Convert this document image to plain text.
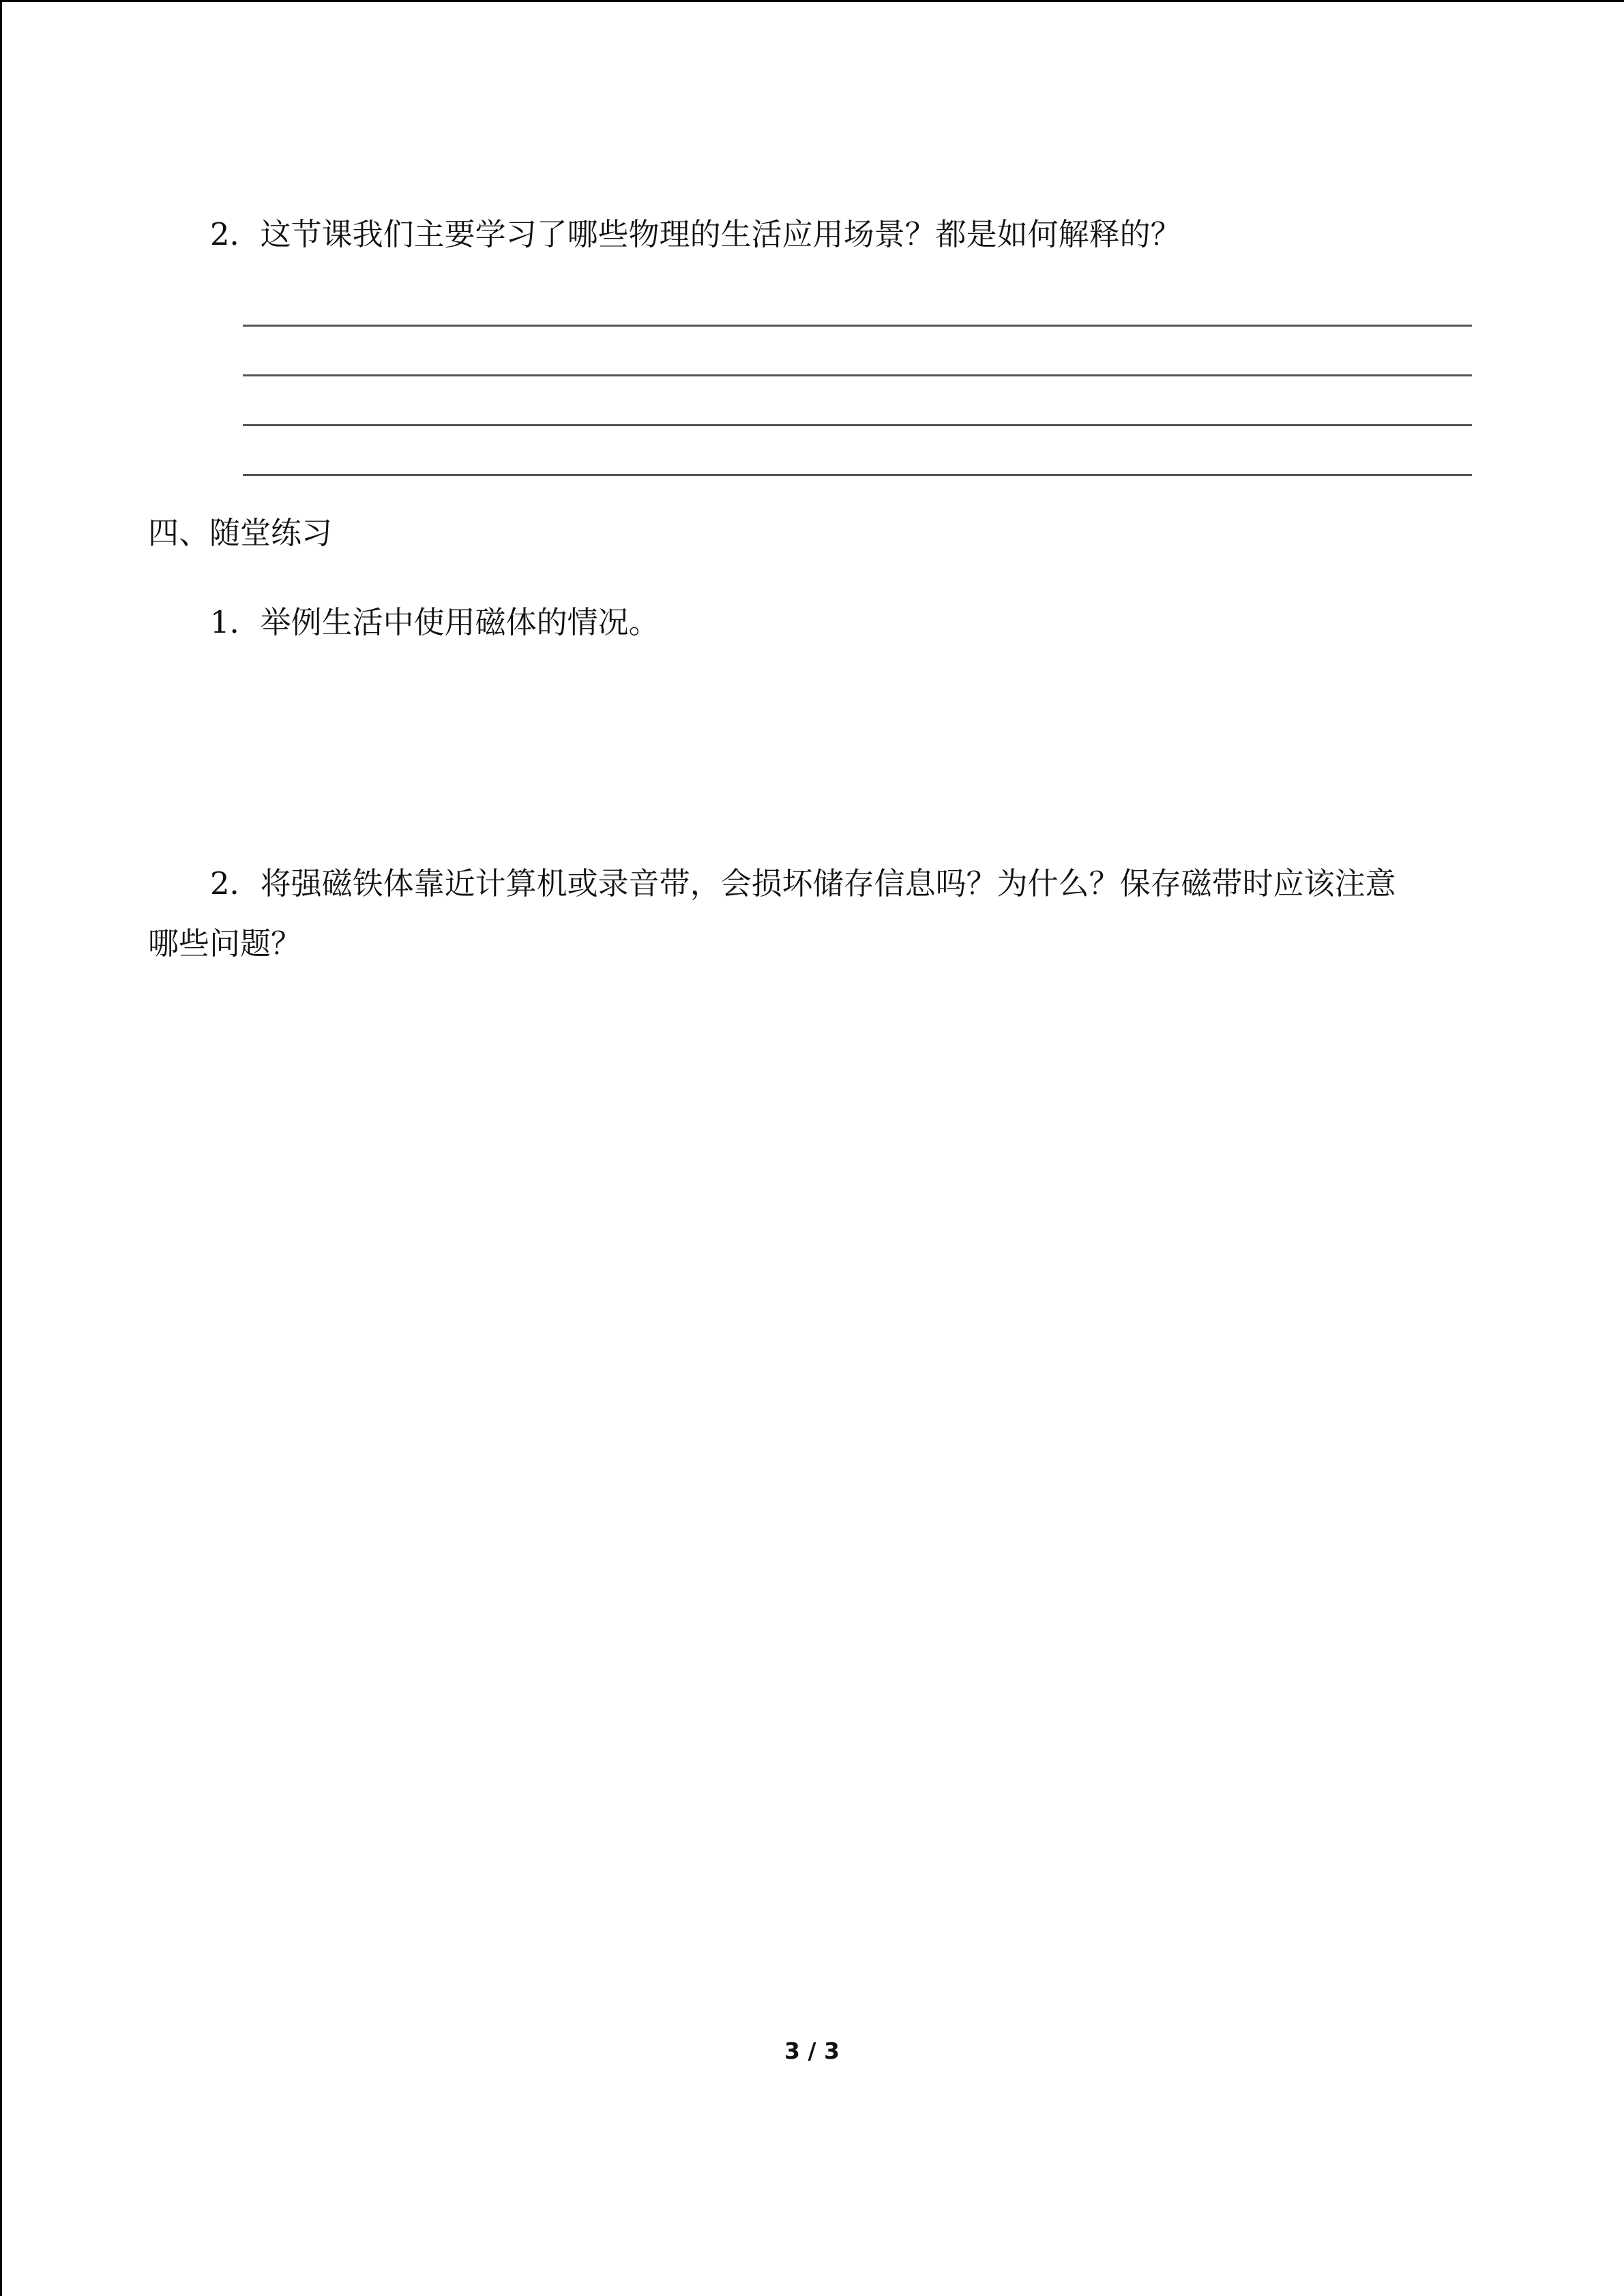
2．这节课我们主要学习了哪些物理的生活应用场景？都是如何解释的？
四、随堂练习
1．举例生活中使用磁体的情况。
2．将强磁铁体靠近计算机或录音带，会损坏储存信息吗？为什么？保存磁带时应该注意
哪些问题？
3 / 3
